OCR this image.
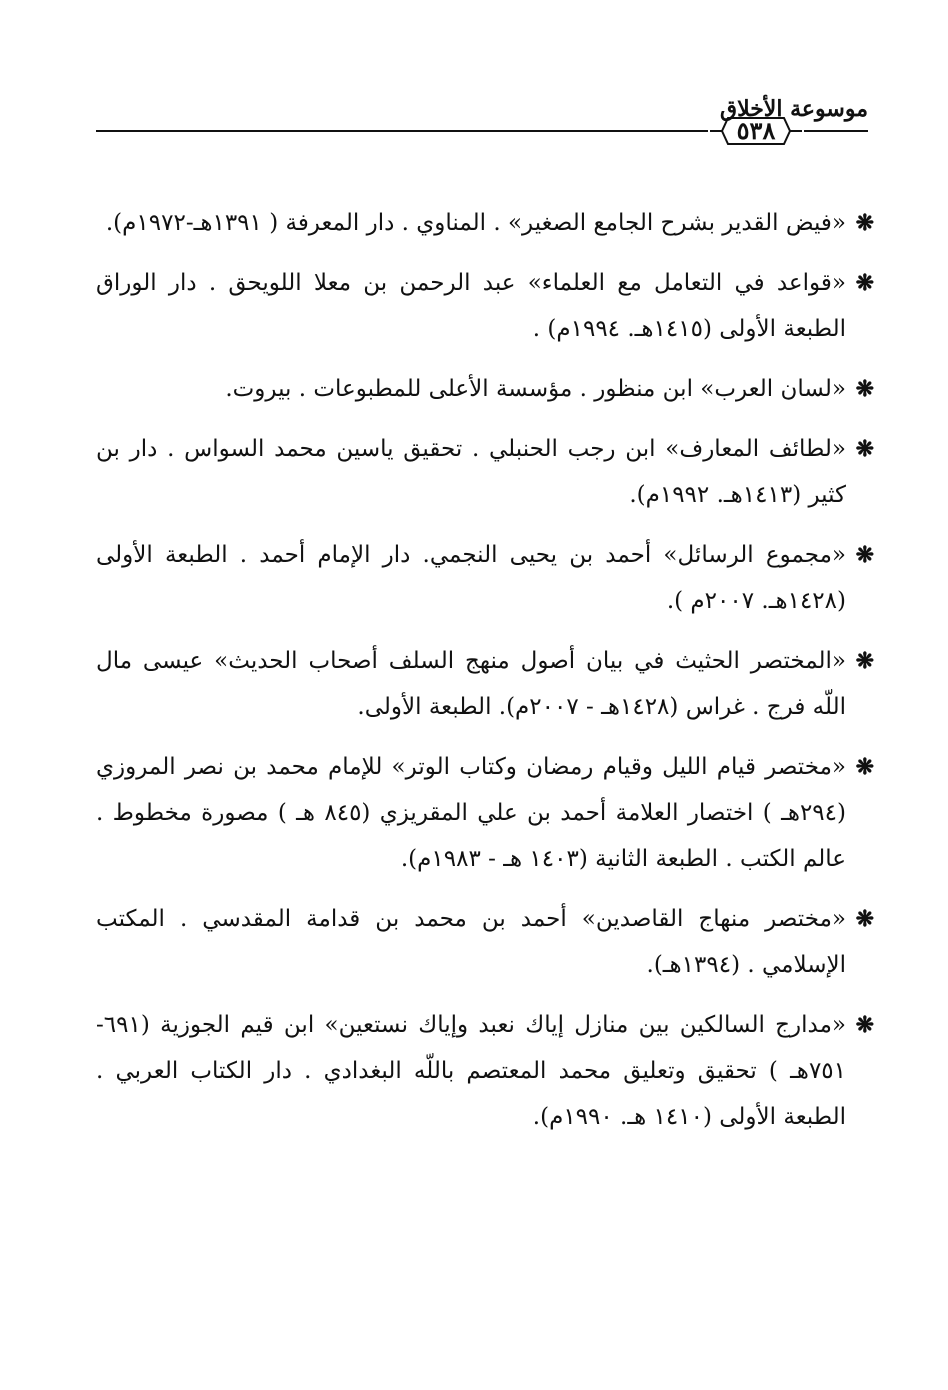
موسوعة الأخلاق
٥٣٨
❋
«فيض القدير بشرح الجامع الصغير» . المناوي . دار المعرفة ( ١٣٩١هـ-١٩٧٢م).
❋
«قواعد في التعامل مع العلماء» عبد الرحمن بن معلا اللويحق . دار الوراق الطبعة الأولى (١٤١٥هـ. ١٩٩٤م) .
❋
«لسان العرب» ابن منظور . مؤسسة الأعلى للمطبوعات . بيروت.
❋
«لطائف المعارف» ابن رجب الحنبلي . تحقيق ياسين محمد السواس . دار بن كثير (١٤١٣هـ. ١٩٩٢م).
❋
«مجموع الرسائل» أحمد بن يحيى النجمي. دار الإمام أحمد . الطبعة الأولى (١٤٢٨هـ. ٢٠٠٧م ).
❋
«المختصر الحثيث في بيان أصول منهج السلف أصحاب الحديث» عيسى مال اللّه فرج . غراس (١٤٢٨هـ - ٢٠٠٧م). الطبعة الأولى.
❋
«مختصر قيام الليل وقيام رمضان وكتاب الوتر» للإمام محمد بن نصر المروزي (٢٩٤هـ ) اختصار العلامة أحمد بن علي المقريزي (٨٤٥ هـ ) مصورة مخطوط . عالم الكتب . الطبعة الثانية (١٤٠٣ هـ - ١٩٨٣م).
❋
«مختصر منهاج القاصدين» أحمد بن محمد بن قدامة المقدسي . المكتب الإسلامي . (١٣٩٤هـ).
❋
«مدارج السالكين بين منازل إياك نعبد وإياك نستعين» ابن قيم الجوزية (٦٩١- ٧٥١هـ ) تحقيق وتعليق محمد المعتصم باللّه البغدادي . دار الكتاب العربي . الطبعة الأولى (١٤١٠ هـ. ١٩٩٠م).
